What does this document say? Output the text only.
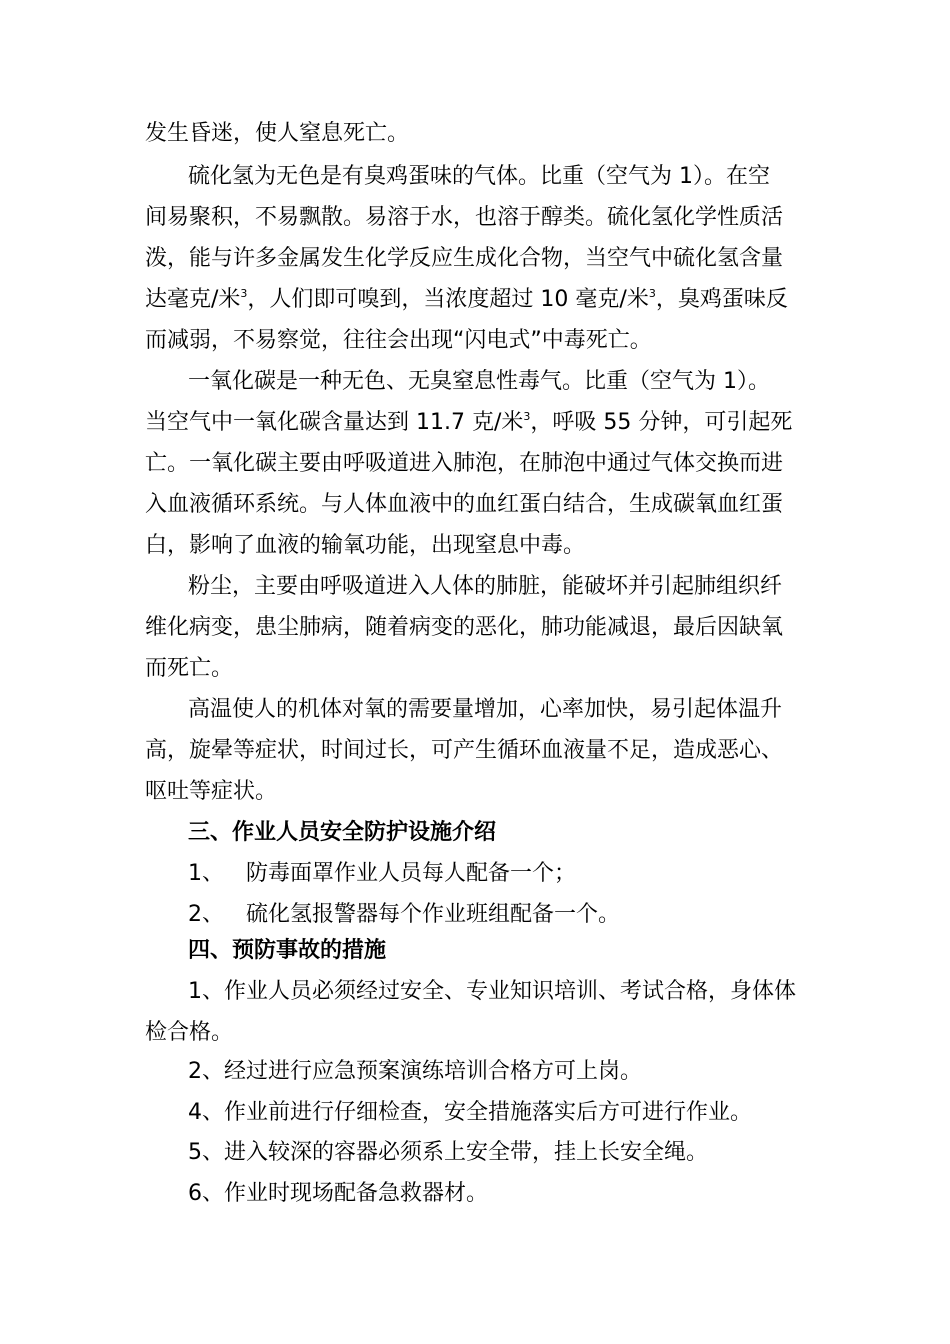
发生昏迷，使人窒息死亡。
硫化氢为无色是有臭鸡蛋味的气体。比重（空气为 1）。在空
间易聚积，不易飘散。易溶于水，也溶于醇类。硫化氢化学性质活
泼，能与许多金属发生化学反应生成化合物，当空气中硫化氢含量
达毫克/米$^3$，人们即可嗅到，当浓度超过 10 毫克/米$^3$，臭鸡蛋味反
而减弱，不易察觉，往往会出现“闪电式”中毒死亡。
一氧化碳是一种无色、无臭窒息性毒气。比重（空气为 1）。
当空气中一氧化碳含量达到 11.7 克/米$^3$，呼吸 55 分钟，可引起死
亡。一氧化碳主要由呼吸道进入肺泡，在肺泡中通过气体交换而进
入血液循环系统。与人体血液中的血红蛋白结合，生成碳氧血红蛋
白，影响了血液的输氧功能，出现窒息中毒。
粉尘，主要由呼吸道进入人体的肺脏，能破坏并引起肺组织纤
维化病变，患尘肺病，随着病变的恶化，肺功能减退，最后因缺氧
而死亡。
高温使人的机体对氧的需要量增加，心率加快，易引起体温升
高，旋晕等症状，时间过长，可产生循环血液量不足，造成恶心、
呕吐等症状。
三、作业人员安全防护设施介绍
1、 防毒面罩作业人员每人配备一个；
2、 硫化氢报警器每个作业班组配备一个。
四、预防事故的措施
1、作业人员必须经过安全、专业知识培训、考试合格，身体体
检合格。
2、经过进行应急预案演练培训合格方可上岗。
4、作业前进行仔细检查，安全措施落实后方可进行作业。
5、进入较深的容器必须系上安全带，挂上长安全绳。
6、作业时现场配备急救器材。
